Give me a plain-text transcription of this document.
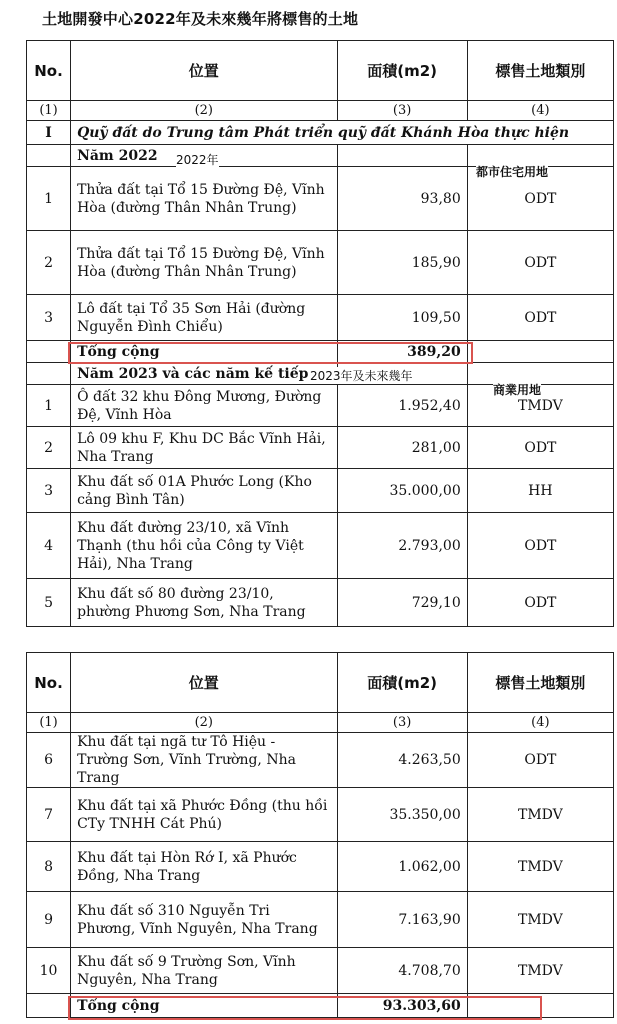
土地開發中心2022年及未來幾年將標售的土地
No.	位置	面積(m2)	標售土地類別
(1)	(2)	(3)	(4)
I	Quỹ đất do Trung tâm Phát triển quỹ đất Khánh Hòa thực hiện		
	Năm 2022		
1	Thửa đất tại Tổ 15 Đường Đệ, Vĩnh Hòa (đường Thân Nhân Trung)	93,80	ODT
2	Thửa đất tại Tổ 15 Đường Đệ, Vĩnh Hòa (đường Thân Nhân Trung)	185,90	ODT
3	Lô đất tại Tổ 35 Sơn Hải (đường Nguyễn Đình Chiểu)	109,50	ODT
	Tổng cộng	389,20	
	Năm 2023 và các năm kế tiếp		
1	Ô đất 32 khu Đông Mương, Đường Đệ, Vĩnh Hòa	1.952,40	TMDV
2	Lô 09 khu F, Khu DC Bắc Vĩnh Hải, Nha Trang	281,00	ODT
3	Khu đất số 01A Phước Long (Kho cảng Bình Tân)	35.000,00	HH
4	Khu đất đường 23/10, xã Vĩnh Thạnh (thu hồi của Công ty Việt Hải), Nha Trang	2.793,00	ODT
5	Khu đất số 80 đường 23/10, phường Phương Sơn, Nha Trang	729,10	ODT
2022年
都市住宅用地
2023年及未來幾年
商業用地
No.	位置	面積(m2)	標售土地類別
(1)	(2)	(3)	(4)
6	Khu đất tại ngã tư Tô Hiệu - Trường Sơn, Vĩnh Trường, Nha Trang	4.263,50	ODT
7	Khu đất tại xã Phước Đồng (thu hồi CTy TNHH Cát Phú)	35.350,00	TMDV
8	Khu đất tại Hòn Rớ I, xã Phước Đồng, Nha Trang	1.062,00	TMDV
9	Khu đất số 310 Nguyễn Tri Phương, Vĩnh Nguyên, Nha Trang	7.163,90	TMDV
10	Khu đất số 9 Trường Sơn, Vĩnh Nguyên, Nha Trang	4.708,70	TMDV
	Tổng cộng	93.303,60	
